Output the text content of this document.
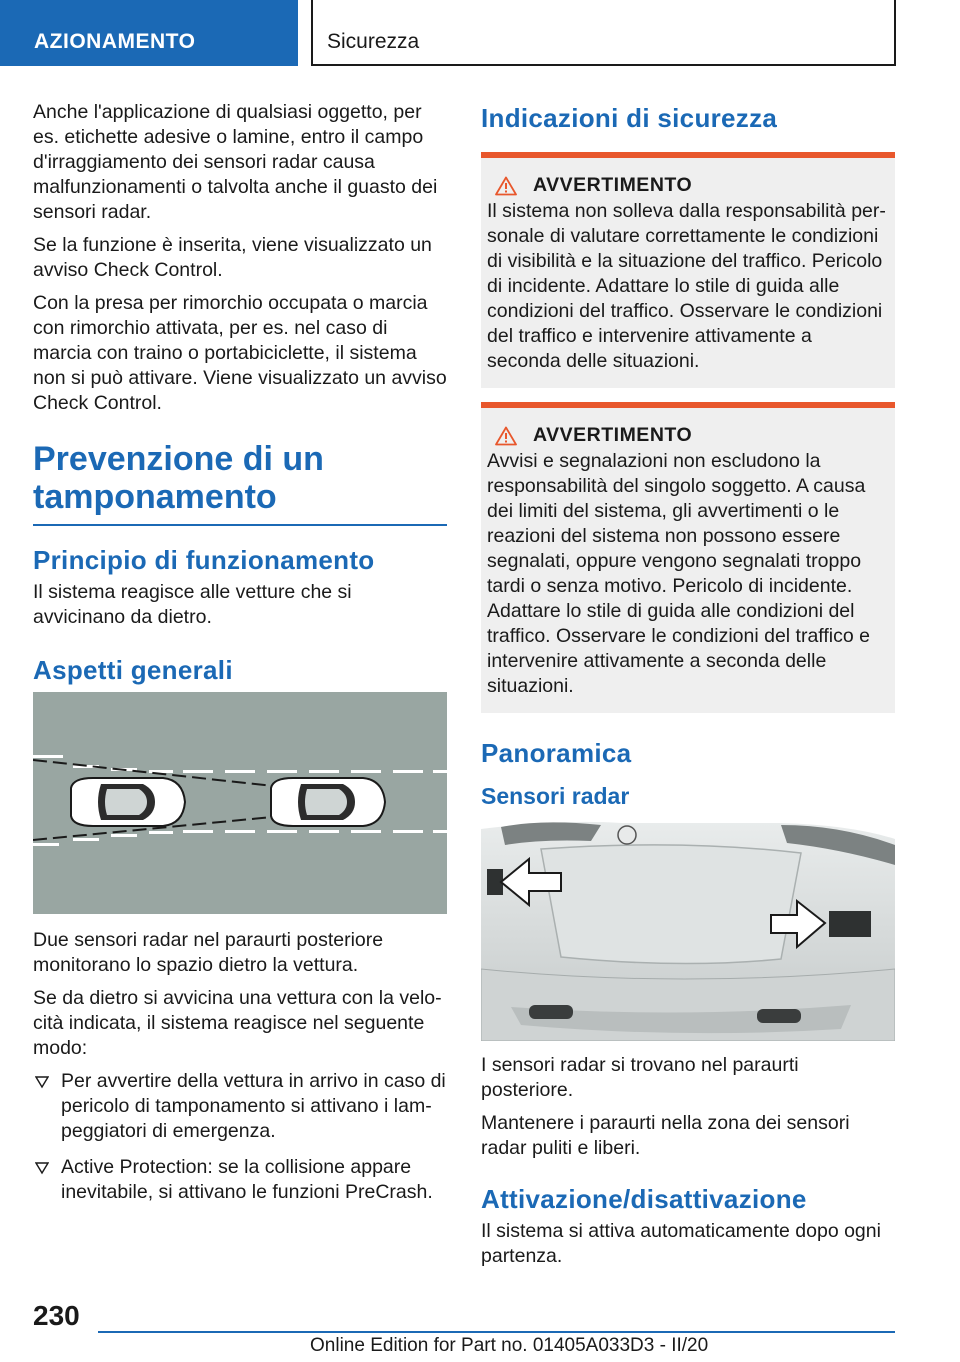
AZIONAMENTO	Sicurezza

Anche l'applicazione di qualsiasi oggetto, per es. etichette adesive o lamine, entro il campo d'irraggiamento dei sensori radar causa malfunzionamenti o talvolta anche il guasto dei sensori radar.

Se la funzione è inserita, viene visualizzato un avviso Check Control.

Con la presa per rimorchio occupata o marcia con rimorchio attivata, per es. nel caso di marcia con traino o portabiciclette, il sistema non si può attivare. Viene visualizzato un avviso Check Control.

Prevenzione di un tamponamento
Principio di funzionamento

Il sistema reagisce alle vetture che si avvicinano da dietro.

Aspetti generali

Due sensori radar nel paraurti posteriore monitorano lo spazio dietro la vettura.

Se da dietro si avvicina una vettura con la velocità indicata, il sistema reagisce nel seguente modo:

Per avvertire della vettura in arrivo in caso di pericolo di tamponamento si attivano i lampeggiatori di emergenza.
Active Protection: se la collisione appare inevitabile, si attivano le funzioni PreCrash.
Indicazioni di sicurezza
AVVERTIMENTO

Il sistema non solleva dalla responsabilità personale di valutare correttamente le condizioni di visibilità e la situazione del traffico. Pericolo di incidente. Adattare lo stile di guida alle condizioni del traffico. Osservare le condizioni del traffico e intervenire attivamente a seconda delle situazioni.

AVVERTIMENTO

Avvisi e segnalazioni non escludono la responsabilità del singolo soggetto. A causa dei limiti del sistema, gli avvertimenti o le reazioni del sistema non possono essere segnalati, oppure vengono segnalati troppo tardi o senza motivo. Pericolo di incidente. Adattare lo stile di guida alle condizioni del traffico. Osservare le condizioni del traffico e intervenire attivamente a seconda delle situazioni.

Panoramica
Sensori radar

I sensori radar si trovano nel paraurti posteriore.

Mantenere i paraurti nella zona dei sensori radar puliti e liberi.

Attivazione/disattivazione

Il sistema si attiva automaticamente dopo ogni partenza.

230
Online Edition for Part no. 01405A033D3 - II/20
